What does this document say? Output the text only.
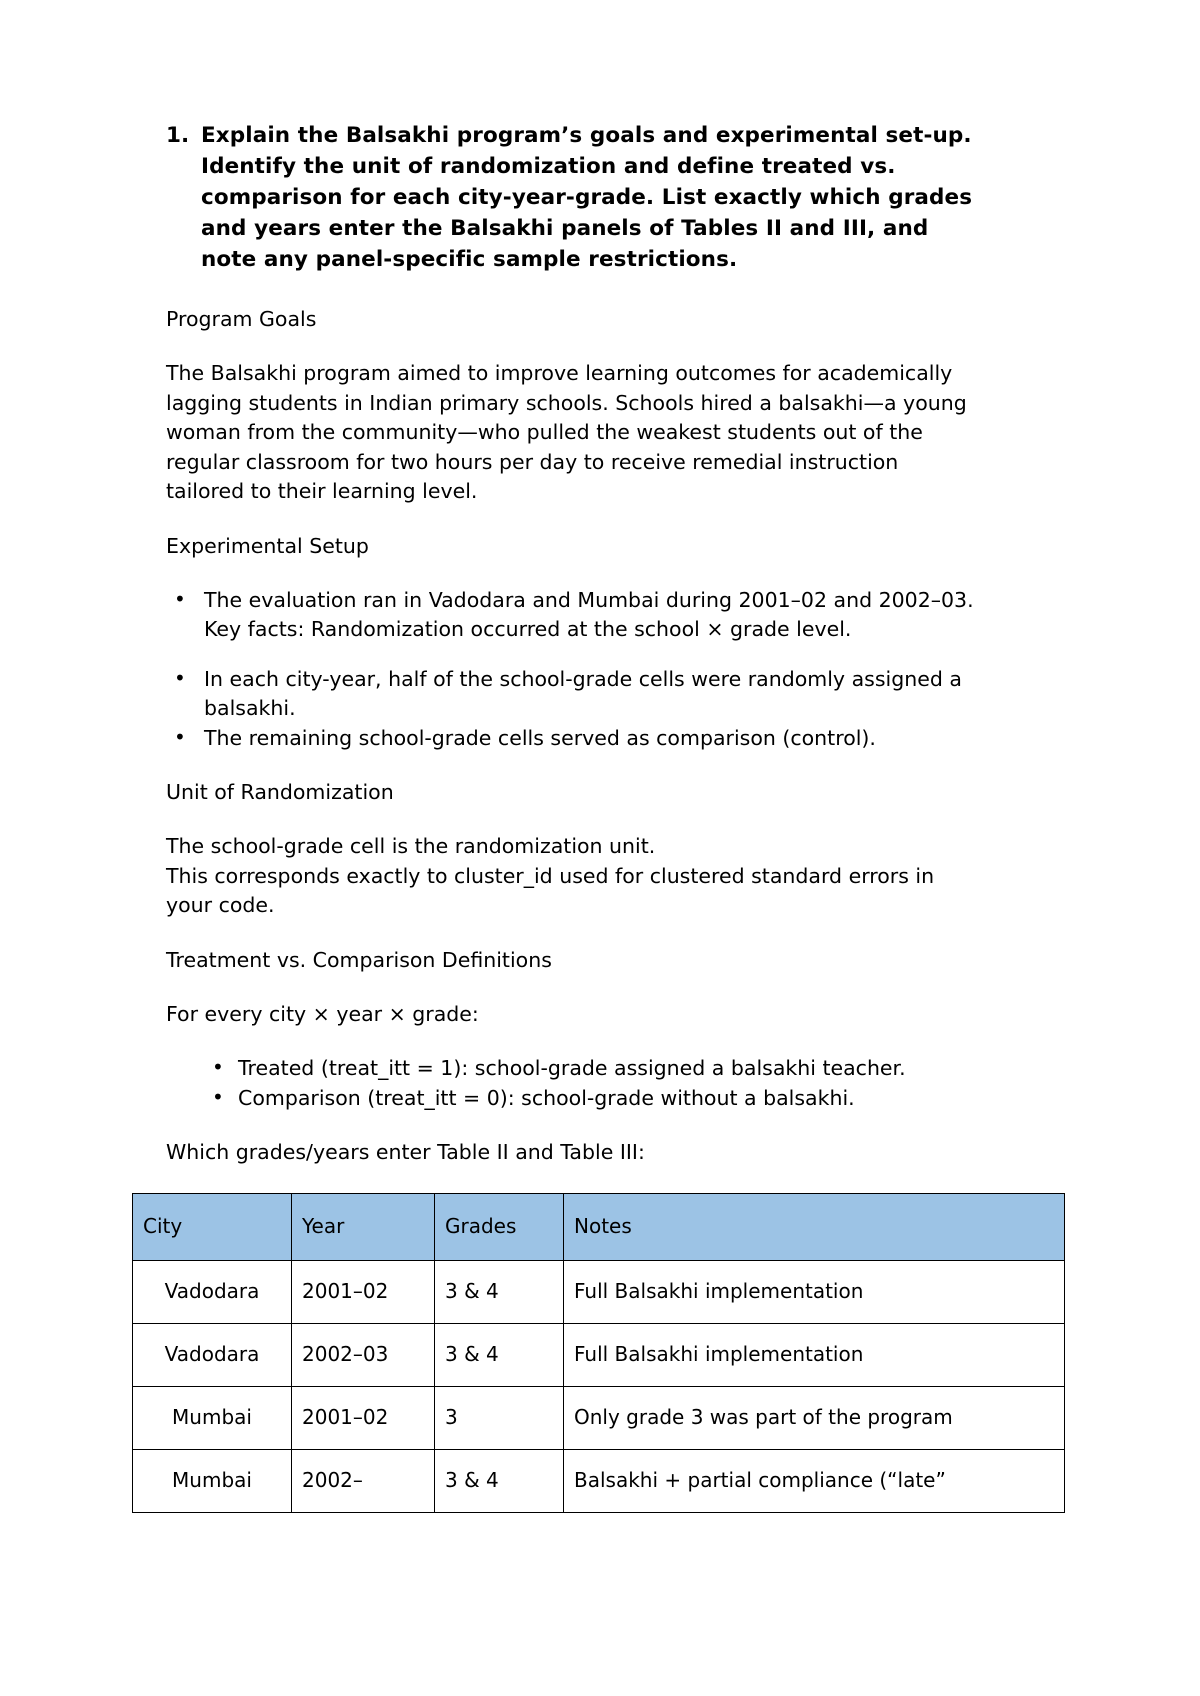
1. Explain the Balsakhi program’s goals and experimental set-up. Identify the unit of randomization and define treated vs. comparison for each city-year-grade. List exactly which grades and years enter the Balsakhi panels of Tables II and III, and note any panel-specific sample restrictions.
Program Goals
The Balsakhi program aimed to improve learning outcomes for academically lagging students in Indian primary schools. Schools hired a balsakhi—a young woman from the community—who pulled the weakest students out of the regular classroom for two hours per day to receive remedial instruction tailored to their learning level.
Experimental Setup
• The evaluation ran in Vadodara and Mumbai during 2001–02 and 2002–03.
Key facts: Randomization occurred at the school × grade level.
• In each city-year, half of the school-grade cells were randomly assigned a balsakhi.
• The remaining school-grade cells served as comparison (control).
Unit of Randomization
The school-grade cell is the randomization unit.
This corresponds exactly to cluster_id used for clustered standard errors in your code.
Treatment vs. Comparison Definitions
For every city × year × grade:
• Treated (treat_itt = 1): school-grade assigned a balsakhi teacher.
• Comparison (treat_itt = 0): school-grade without a balsakhi.
Which grades/years enter Table II and Table III:
City	Year	Grades	Notes
Vadodara	2001–02	3 & 4	Full Balsakhi implementation
Vadodara	2002–03	3 & 4	Full Balsakhi implementation
Mumbai	2001–02	3	Only grade 3 was part of the program
Mumbai	2002–	3 & 4	Balsakhi + partial compliance (“late”
